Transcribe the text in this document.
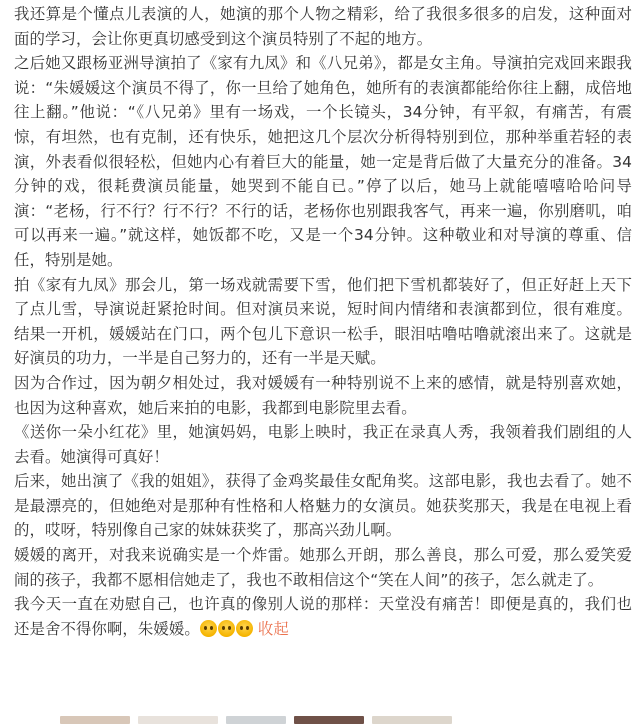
我还算是个懂点儿表演的人，她演的那个人物之精彩，给了我很多很多的启发，这种面对面的学习，会让你更真切感受到这个演员特别了不起的地方。

之后她又跟杨亚洲导演拍了《家有九凤》和《八兄弟》，都是女主角。导演拍完戏回来跟我说：“朱媛媛这个演员不得了，你一旦给了她角色，她所有的表演都能给你往上翻，成倍地往上翻。”他说：“《八兄弟》里有一场戏，一个长镜头，34分钟，有平叙，有痛苦，有震惊，有坦然，也有克制，还有快乐，她把这几个层次分析得特别到位，那种举重若轻的表演，外表看似很轻松，但她内心有着巨大的能量，她一定是背后做了大量充分的准备。34分钟的戏，很耗费演员能量，她哭到不能自已。”停了以后，她马上就能嘻嘻哈哈问导演：“老杨，行不行？行不行？不行的话，老杨你也别跟我客气，再来一遍，你别磨叽，咱可以再来一遍。”就这样，她饭都不吃，又是一个34分钟。这种敬业和对导演的尊重、信任，特别是她。

拍《家有九凤》那会儿，第一场戏就需要下雪，他们把下雪机都装好了，但正好赶上天下了点儿雪，导演说赶紧抢时间。但对演员来说，短时间内情绪和表演都到位，很有难度。结果一开机，媛媛站在门口，两个包儿下意识一松手，眼泪咕噜咕噜就滚出来了。这就是好演员的功力，一半是自己努力的，还有一半是天赋。

因为合作过，因为朝夕相处过，我对媛媛有一种特别说不上来的感情，就是特别喜欢她，也因为这种喜欢，她后来拍的电影，我都到电影院里去看。

《送你一朵小红花》里，她演妈妈，电影上映时，我正在录真人秀，我领着我们剧组的人去看。她演得可真好！

后来，她出演了《我的姐姐》，获得了金鸡奖最佳女配角奖。这部电影，我也去看了。她不是最漂亮的，但她绝对是那种有性格和人格魅力的女演员。她获奖那天，我是在电视上看的，哎呀，特别像自己家的妹妹获奖了，那高兴劲儿啊。

媛媛的离开，对我来说确实是一个炸雷。她那么开朗，那么善良，那么可爱，那么爱笑爱闹的孩子，我都不愿相信她走了，我也不敢相信这个“笑在人间”的孩子，怎么就走了。

我今天一直在劝慰自己，也许真的像别人说的那样：天堂没有痛苦！即便是真的，我们也还是舍不得你啊，朱媛媛。	收起
